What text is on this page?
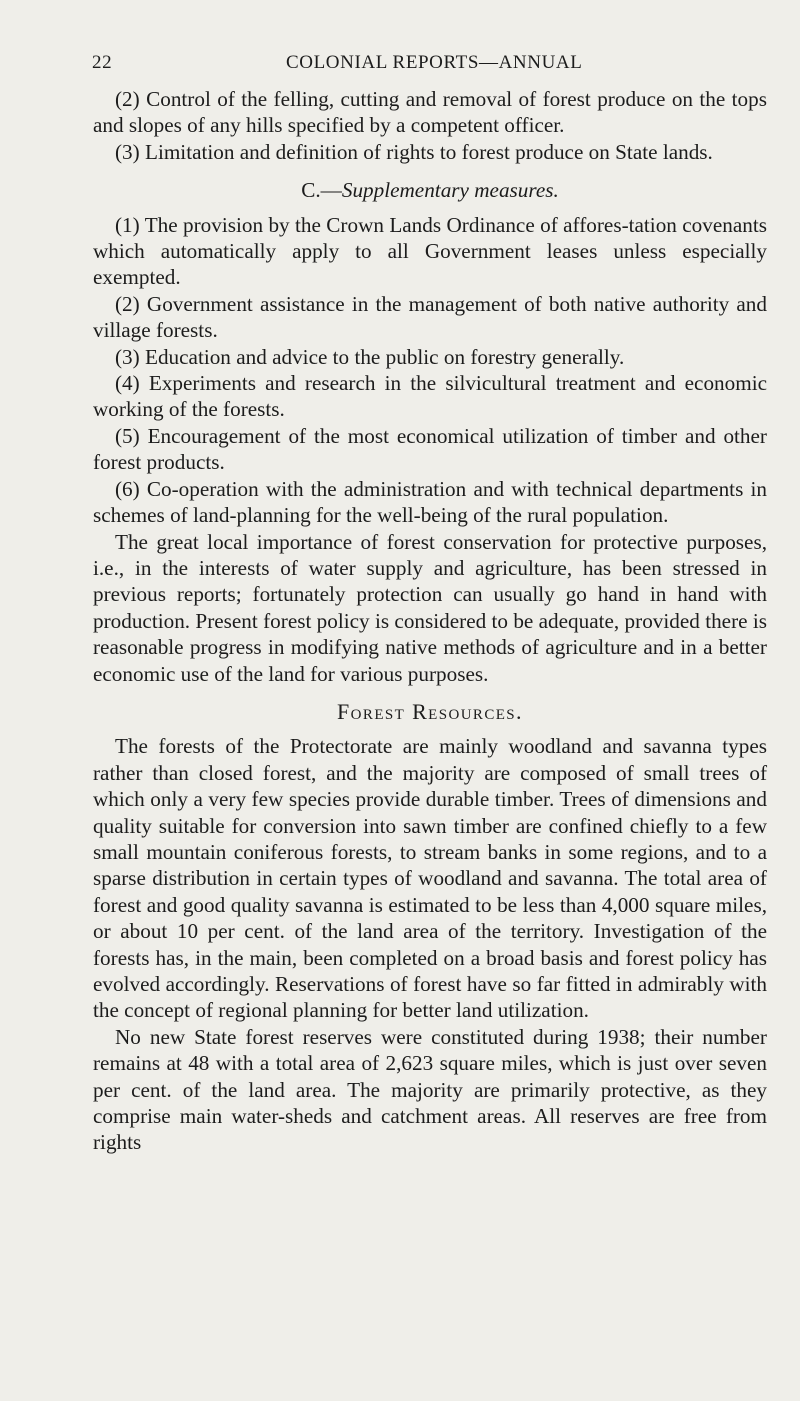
22	COLONIAL REPORTS—ANNUAL

(2) Control of the felling, cutting and removal of forest produce on the tops and slopes of any hills specified by a competent officer.

(3) Limitation and definition of rights to forest produce on State lands.

C.—Supplementary measures.

(1) The provision by the Crown Lands Ordinance of affores-tation covenants which automatically apply to all Government leases unless especially exempted.

(2) Government assistance in the management of both native authority and village forests.

(3) Education and advice to the public on forestry generally.

(4) Experiments and research in the silvicultural treatment and economic working of the forests.

(5) Encouragement of the most economical utilization of timber and other forest products.

(6) Co-operation with the administration and with technical departments in schemes of land-planning for the well-being of the rural population.

The great local importance of forest conservation for protective purposes, i.e., in the interests of water supply and agriculture, has been stressed in previous reports; fortunately protection can usually go hand in hand with production. Present forest policy is considered to be adequate, provided there is reasonable progress in modifying native methods of agriculture and in a better economic use of the land for various purposes.

Forest Resources.

The forests of the Protectorate are mainly woodland and savanna types rather than closed forest, and the majority are composed of small trees of which only a very few species provide durable timber. Trees of dimensions and quality suitable for conversion into sawn timber are confined chiefly to a few small mountain coniferous forests, to stream banks in some regions, and to a sparse distribution in certain types of woodland and savanna. The total area of forest and good quality savanna is estimated to be less than 4,000 square miles, or about 10 per cent. of the land area of the territory. Investigation of the forests has, in the main, been completed on a broad basis and forest policy has evolved accordingly. Reservations of forest have so far fitted in admirably with the concept of regional planning for better land utilization.

No new State forest reserves were constituted during 1938; their number remains at 48 with a total area of 2,623 square miles, which is just over seven per cent. of the land area. The majority are primarily protective, as they comprise main water-sheds and catchment areas. All reserves are free from rights
